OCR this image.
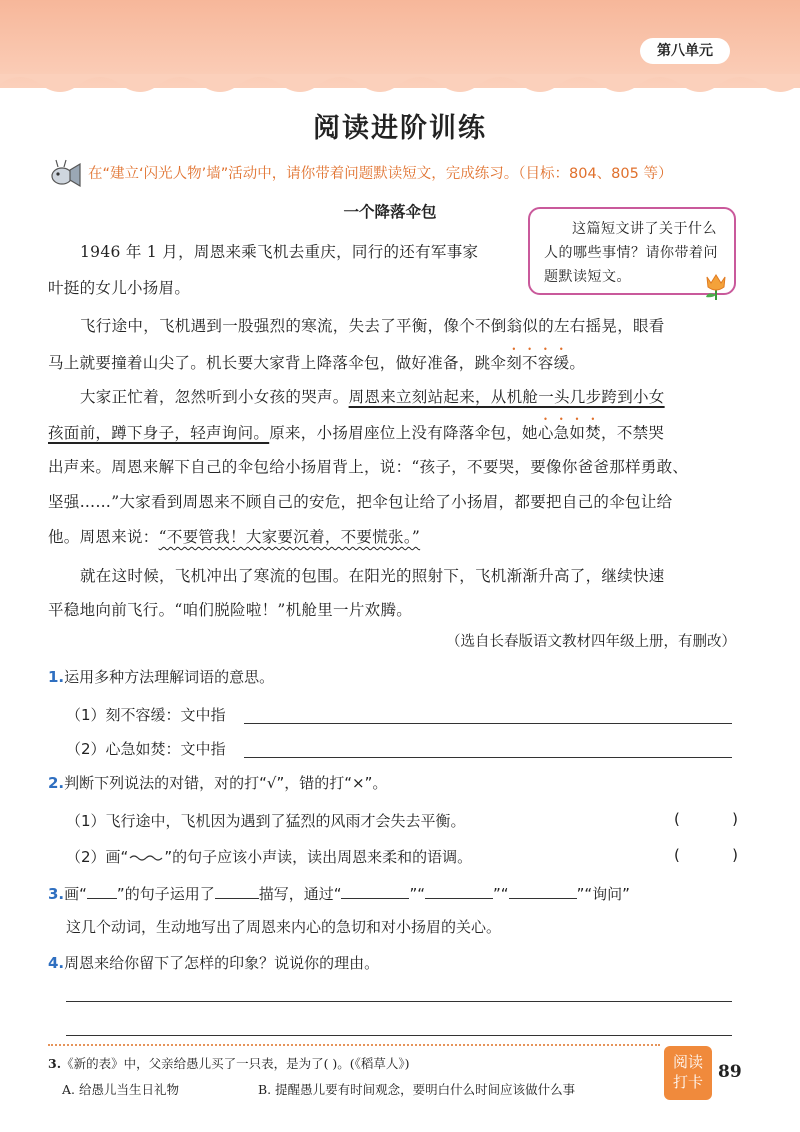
第八单元
阅读进阶训练
在“建立‘闪光人物’墙”活动中，请你带着问题默读短文，完成练习。（目标：804、805 等）
一个降落伞包
这篇短文讲了关于什么人的哪些事情？请你带着问题默读短文。
1946 年 1 月，周恩来乘飞机去重庆，同行的还有军事家
叶挺的女儿小扬眉。
飞行途中，飞机遇到一股强烈的寒流，失去了平衡，像个不倒翁似的左右摇晃，眼看
马上就要撞着山尖了。机长要大家背上降落伞包，做好准备，跳伞刻不容缓。
大家正忙着，忽然听到小女孩的哭声。周恩来立刻站起来，从机舱一头几步跨到小女
孩面前，蹲下身子，轻声询问。原来，小扬眉座位上没有降落伞包，她心急如焚，不禁哭
出声来。周恩来解下自己的伞包给小扬眉背上，说：“孩子，不要哭，要像你爸爸那样勇敢、
坚强……”大家看到周恩来不顾自己的安危，把伞包让给了小扬眉，都要把自己的伞包让给
他。周恩来说：“不要管我！大家要沉着，不要慌张。”
就在这时候，飞机冲出了寒流的包围。在阳光的照射下，飞机渐渐升高了，继续快速
平稳地向前飞行。“咱们脱险啦！”机舱里一片欢腾。
（选自长春版语文教材四年级上册，有删改）
1.运用多种方法理解词语的意思。
（1）刻不容缓：文中指
（2）心急如焚：文中指
2.判断下列说法的对错，对的打“√”，错的打“×”。
（1）飞行途中，飞机因为遇到了猛烈的风雨才会失去平衡。	(	)
（2）画“ ”的句子应该小声读，读出周恩来柔和的语调。	(	)
3.画“ ”的句子运用了	描写，通过“	”“	”“	”“询问”
这几个动词，生动地写出了周恩来内心的急切和对小扬眉的关心。
4.周恩来给你留下了怎样的印象？说说你的理由。
3.《新的表》中，父亲给愚儿买了一只表，是为了( )。(《稻草人》)
A. 给愚儿当生日礼物	B. 提醒愚儿要有时间观念，要明白什么时间应该做什么事
阅读
打卡 89
